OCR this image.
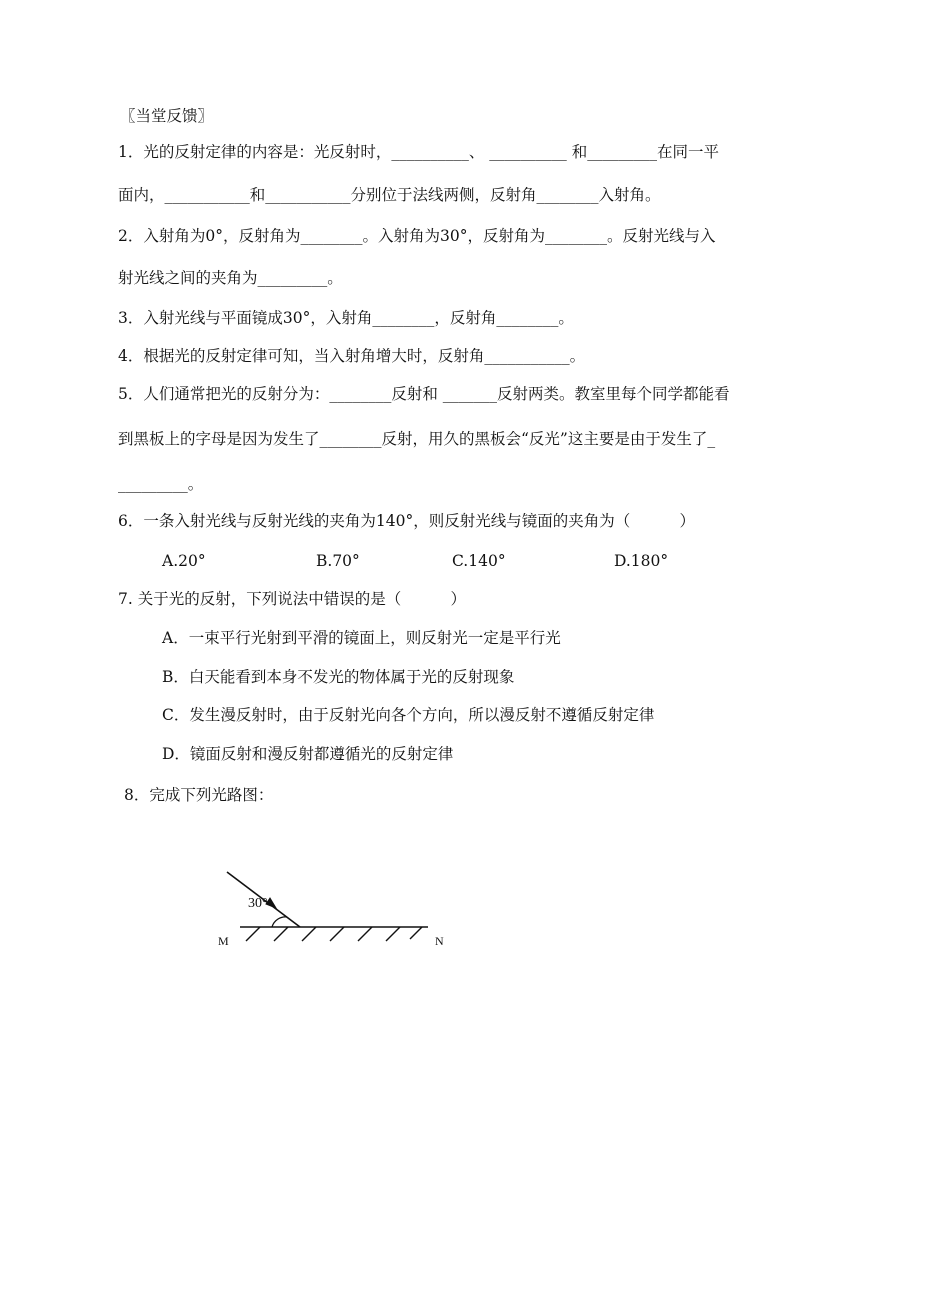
〖当堂反馈〗
1．光的反射定律的内容是：光反射时，__________、 __________ 和_________在同一平
面内，___________和___________分别位于法线两侧，反射角________入射角。
2．入射角为0°，反射角为________。入射角为30°，反射角为________。反射光线与入
射光线之间的夹角为_________。
3．入射光线与平面镜成30°，入射角________，反射角________。
4．根据光的反射定律可知，当入射角增大时，反射角___________。
5．人们通常把光的反射分为：________反射和 _______反射两类。教室里每个同学都能看
到黑板上的字母是因为发生了________反射，用久的黑板会“反光”这主要是由于发生了_
_________。
6．一条入射光线与反射光线的夹角为140°，则反射光线与镜面的夹角为（          ）
A.20°	B.70°	C.140°	D.180°
7. 关于光的反射，下列说法中错误的是（          ）
A．一束平行光射到平滑的镜面上，则反射光一定是平行光
B．白天能看到本身不发光的物体属于光的反射现象
C．发生漫反射时，由于反射光向各个方向，所以漫反射不遵循反射定律
D．镜面反射和漫反射都遵循光的反射定律
8．完成下列光路图：
30°
M	N
